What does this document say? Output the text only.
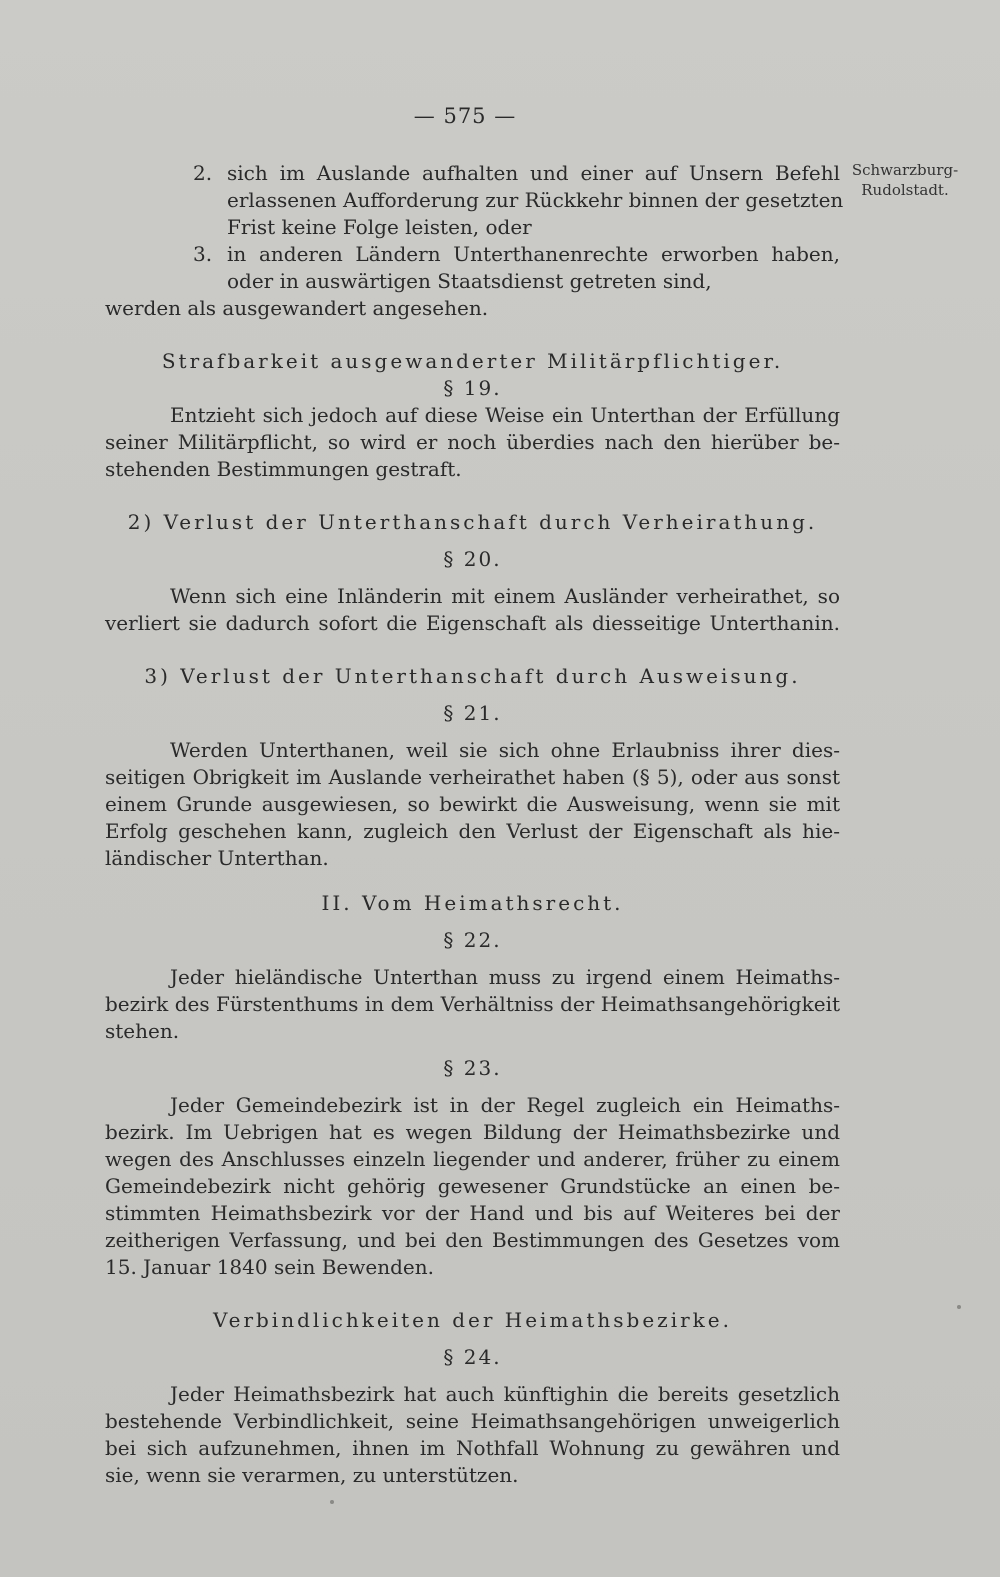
— 575 —
Schwarzburg-
Rudolstadt.
2. sich im Auslande aufhalten und einer auf Unsern Befehl
erlassenen Aufforderung zur Rückkehr binnen der gesetzten
Frist keine Folge leisten, oder
3. in anderen Ländern Unterthanenrechte erworben haben,
oder in auswärtigen Staatsdienst getreten sind,
werden als ausgewandert angesehen.
Strafbarkeit ausgewanderter Militärpflichtiger.
§ 19.
Entzieht sich jedoch auf diese Weise ein Unterthan der Erfüllung
seiner Militärpflicht, so wird er noch überdies nach den hierüber be-
stehenden Bestimmungen gestraft.
2) Verlust der Unterthanschaft durch Verheirathung.
§ 20.
Wenn sich eine Inländerin mit einem Ausländer verheirathet, so
verliert sie dadurch sofort die Eigenschaft als diesseitige Unterthanin.
3) Verlust der Unterthanschaft durch Ausweisung.
§ 21.
Werden Unterthanen, weil sie sich ohne Erlaubniss ihrer dies-
seitigen Obrigkeit im Auslande verheirathet haben (§ 5), oder aus sonst
einem Grunde ausgewiesen, so bewirkt die Ausweisung, wenn sie mit
Erfolg geschehen kann, zugleich den Verlust der Eigenschaft als hie-
ländischer Unterthan.
II. Vom Heimathsrecht.
§ 22.
Jeder hieländische Unterthan muss zu irgend einem Heimaths-
bezirk des Fürstenthums in dem Verhältniss der Heimathsangehörigkeit
stehen.
§ 23.
Jeder Gemeindebezirk ist in der Regel zugleich ein Heimaths-
bezirk. Im Uebrigen hat es wegen Bildung der Heimathsbezirke und
wegen des Anschlusses einzeln liegender und anderer, früher zu einem
Gemeindebezirk nicht gehörig gewesener Grundstücke an einen be-
stimmten Heimathsbezirk vor der Hand und bis auf Weiteres bei der
zeitherigen Verfassung, und bei den Bestimmungen des Gesetzes vom
15. Januar 1840 sein Bewenden.
Verbindlichkeiten der Heimathsbezirke.
§ 24.
Jeder Heimathsbezirk hat auch künftighin die bereits gesetzlich
bestehende Verbindlichkeit, seine Heimathsangehörigen unweigerlich
bei sich aufzunehmen, ihnen im Nothfall Wohnung zu gewähren und
sie, wenn sie verarmen, zu unterstützen.
